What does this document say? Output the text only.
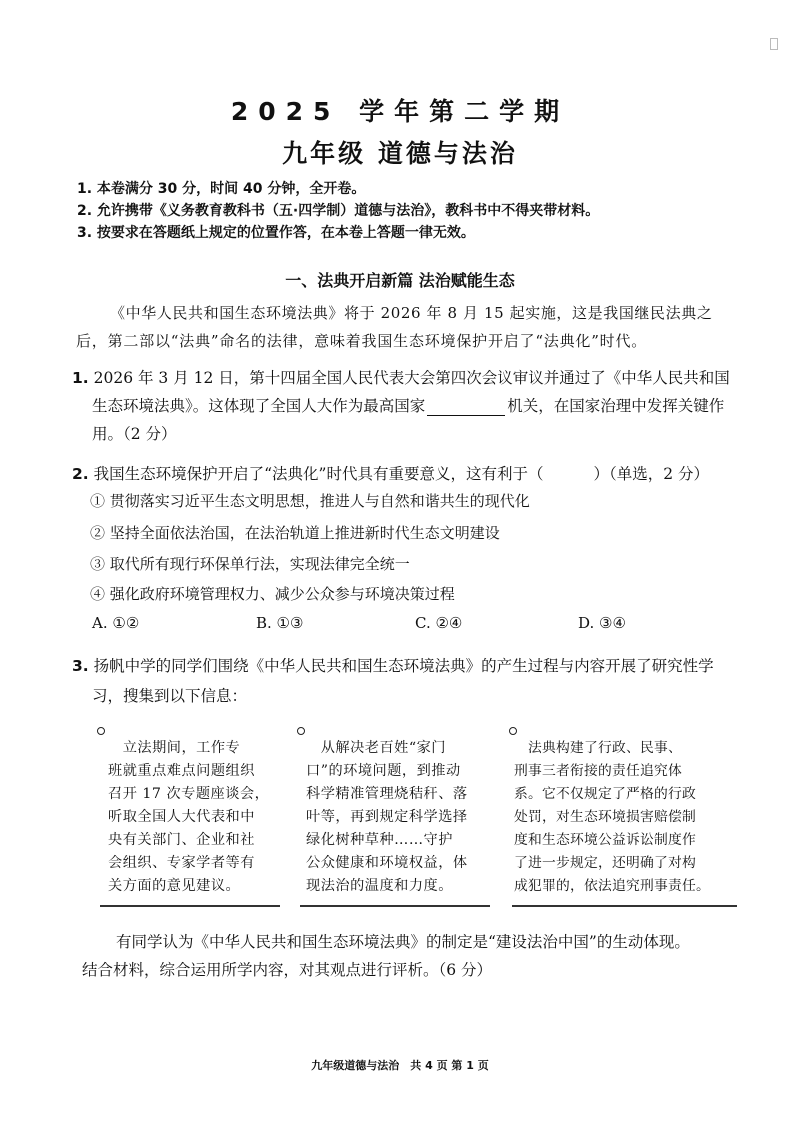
2025 学年第二学期
九年级 道德与法治
1. 本卷满分 30 分，时间 40 分钟，全开卷。
2. 允许携带《义务教育教科书（五·四学制）道德与法治》，教科书中不得夹带材料。
3. 按要求在答题纸上规定的位置作答，在本卷上答题一律无效。
一、法典开启新篇 法治赋能生态
《中华人民共和国生态环境法典》将于 2026 年 8 月 15 起实施，这是我国继民法典之
后，第二部以“法典”命名的法律，意味着我国生态环境保护开启了“法典化”时代。
1. 2026 年 3 月 12 日，第十四届全国人民代表大会第四次会议审议并通过了《中华人民共和国
生态环境法典》。这体现了全国人大作为最高国家	机关，在国家治理中发挥关键作
用。（2 分）
2. 我国生态环境保护开启了“法典化”时代具有重要意义，这有利于（	）（单选，2 分）
① 贯彻落实习近平生态文明思想，推进人与自然和谐共生的现代化
② 坚持全面依法治国，在法治轨道上推进新时代生态文明建设
③ 取代所有现行环保单行法，实现法律完全统一
④ 强化政府环境管理权力、减少公众参与环境决策过程
A. ①②	B. ①③	C. ②④	D. ③④
3. 扬帆中学的同学们围绕《中华人民共和国生态环境法典》的产生过程与内容开展了研究性学
习，搜集到以下信息：
　立法期间，工作专
班就重点难点问题组织
召开 17 次专题座谈会，
听取全国人大代表和中
央有关部门、企业和社
会组织、专家学者等有
关方面的意见建议。
　从解决老百姓“家门
口”的环境问题，到推动
科学精准管理烧秸秆、落
叶等，再到规定科学选择
绿化树种草种……守护
公众健康和环境权益，体
现法治的温度和力度。
　法典构建了行政、民事、
刑事三者衔接的责任追究体
系。它不仅规定了严格的行政
处罚，对生态环境损害赔偿制
度和生态环境公益诉讼制度作
了进一步规定，还明确了对构
成犯罪的，依法追究刑事责任。
有同学认为《中华人民共和国生态环境法典》的制定是“建设法治中国”的生动体现。
结合材料，综合运用所学内容，对其观点进行评析。（6 分）
九年级道德与法治　共 4 页 第 1 页
